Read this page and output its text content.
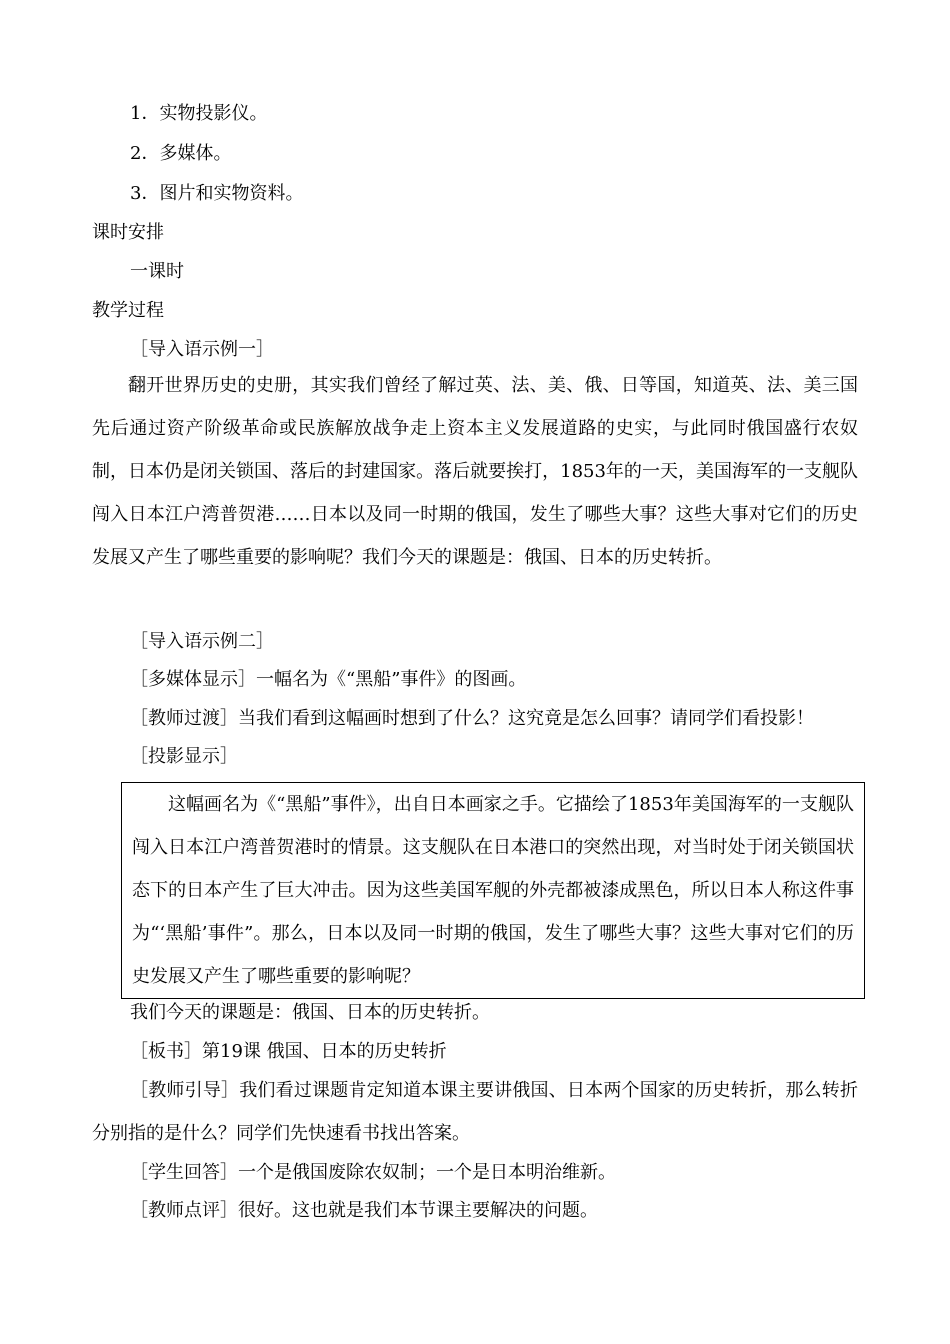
1．实物投影仪。
2．多媒体。
3．图片和实物资料。
课时安排
一课时
教学过程
［导入语示例一］
翻开世界历史的史册，其实我们曾经了解过英、法、美、俄、日等国，知道英、法、美三国先后通过资产阶级革命或民族解放战争走上资本主义发展道路的史实，与此同时俄国盛行农奴制，日本仍是闭关锁国、落后的封建国家。落后就要挨打，1853年的一天，美国海军的一支舰队闯入日本江户湾普贺港……日本以及同一时期的俄国，发生了哪些大事？这些大事对它们的历史发展又产生了哪些重要的影响呢？我们今天的课题是：俄国、日本的历史转折。
［导入语示例二］
［多媒体显示］一幅名为《“黑船”事件》的图画。
［教师过渡］当我们看到这幅画时想到了什么？这究竟是怎么回事？请同学们看投影！
［投影显示］
这幅画名为《“黑船”事件》，出自日本画家之手。它描绘了1853年美国海军的一支舰队闯入日本江户湾普贺港时的情景。这支舰队在日本港口的突然出现，对当时处于闭关锁国状态下的日本产生了巨大冲击。因为这些美国军舰的外壳都被漆成黑色，所以日本人称这件事为“‘黑船’事件”。那么，日本以及同一时期的俄国，发生了哪些大事？这些大事对它们的历史发展又产生了哪些重要的影响呢？
我们今天的课题是：俄国、日本的历史转折。
［板书］第19课 俄国、日本的历史转折
［教师引导］我们看过课题肯定知道本课主要讲俄国、日本两个国家的历史转折，那么转折分别指的是什么？同学们先快速看书找出答案。
［学生回答］一个是俄国废除农奴制；一个是日本明治维新。
［教师点评］很好。这也就是我们本节课主要解决的问题。
